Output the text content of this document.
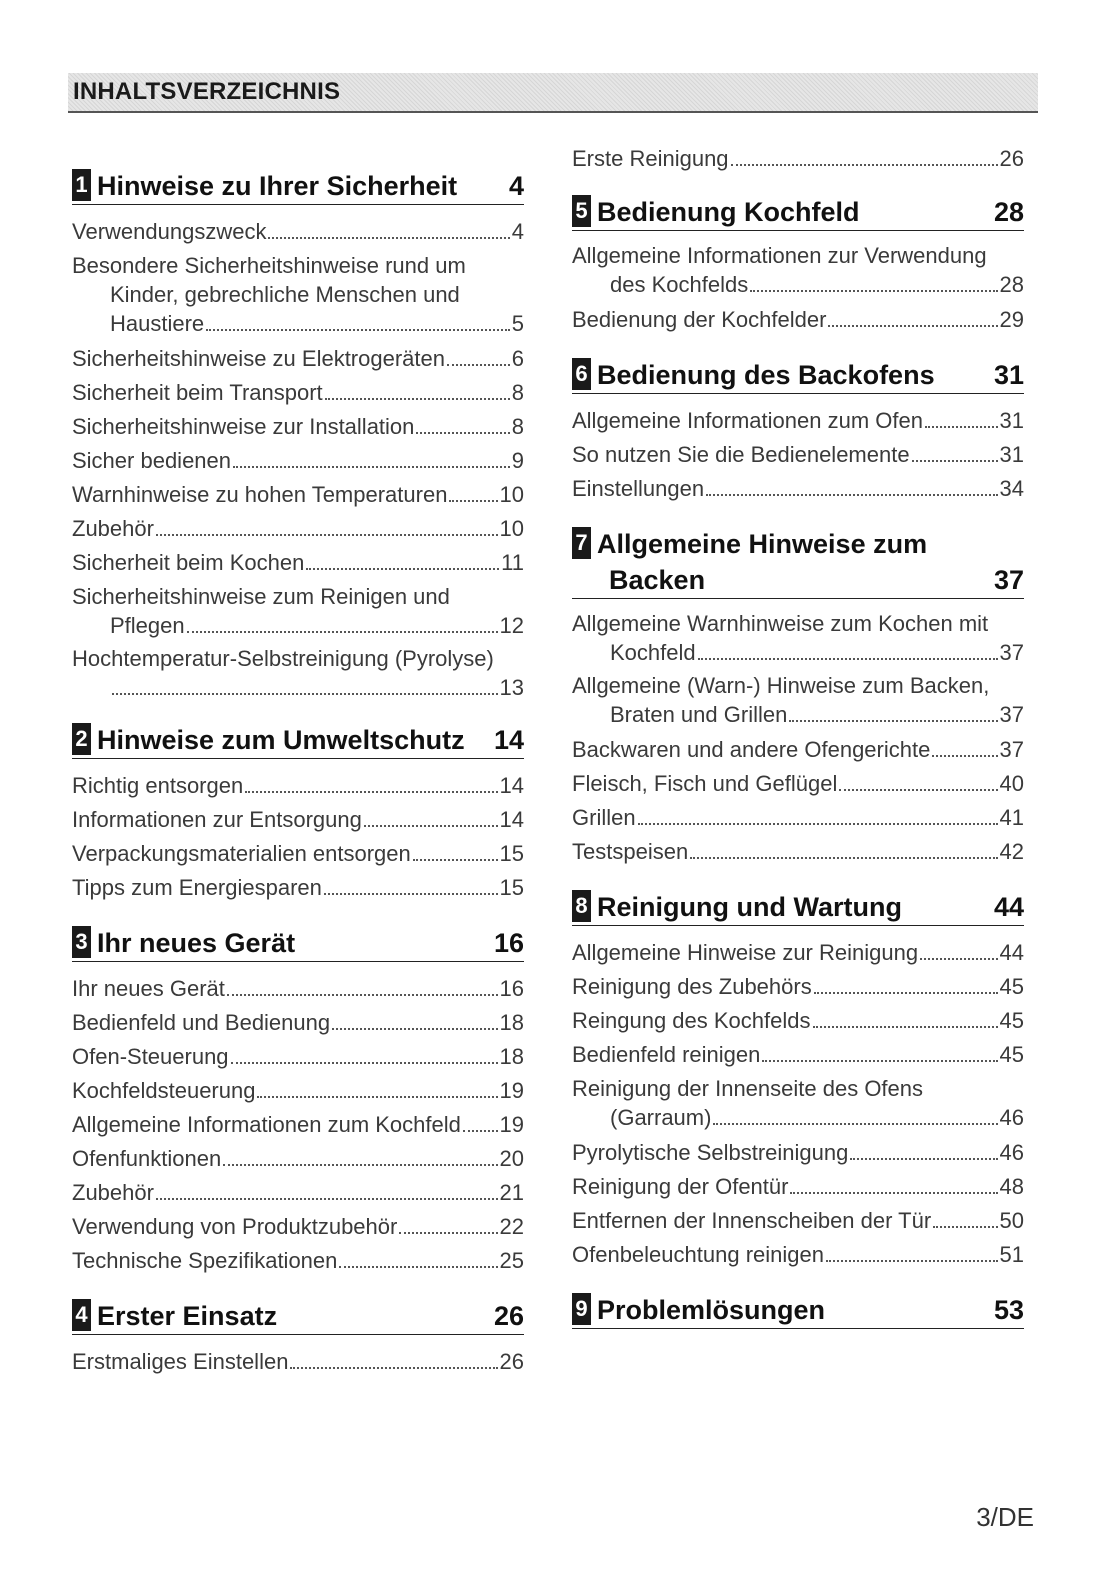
INHALTSVERZEICHNIS
1 Hinweise zu Ihrer Sicherheit	4
Verwendungszweck	4
Besondere Sicherheitshinweise rund um
Kinder, gebrechliche Menschen und
Haustiere	5
Sicherheitshinweise zu Elektrogeräten	6
Sicherheit beim Transport	8
Sicherheitshinweise zur Installation	8
Sicher bedienen	9
Warnhinweise zu hohen Temperaturen 10
Zubehör	10
Sicherheit beim Kochen	11
Sicherheitshinweise zum Reinigen und
Pflegen	12
Hochtemperatur-Selbstreinigung (Pyrolyse)
13
2 Hinweise zum Umweltschutz	14
Richtig entsorgen	14
Informationen zur Entsorgung	14
Verpackungsmaterialien entsorgen	15
Tipps zum Energiesparen	15
3 Ihr neues Gerät	16
Ihr neues Gerät	16
Bedienfeld und Bedienung	18
Ofen-Steuerung	18
Kochfeldsteuerung	19
Allgemeine Informationen zum Kochfeld 19
Ofenfunktionen	20
Zubehör	21
Verwendung von Produktzubehör	22
Technische Spezifikationen	25
4 Erster Einsatz	26
Erstmaliges Einstellen	26
Erste Reinigung	26
5 Bedienung Kochfeld	28
Allgemeine Informationen zur Verwendung
des Kochfelds	28
Bedienung der Kochfelder	29
6 Bedienung des Backofens	31
Allgemeine Informationen zum Ofen	31
So nutzen Sie die Bedienelemente	31
Einstellungen	34
7 Allgemeine Hinweise zum
Backen	37
Allgemeine Warnhinweise zum Kochen mit
Kochfeld	37
Allgemeine (Warn-) Hinweise zum Backen,
Braten und Grillen	37
Backwaren und andere Ofengerichte	37
Fleisch, Fisch und Geflügel	40
Grillen	41
Testspeisen	42
8 Reinigung und Wartung	44
Allgemeine Hinweise zur Reinigung	44
Reinigung des Zubehörs	45
Reingung des Kochfelds	45
Bedienfeld reinigen	45
Reinigung der Innenseite des Ofens
(Garraum)	46
Pyrolytische Selbstreinigung	46
Reinigung der Ofentür	48
Entfernen der Innenscheiben der Tür	50
Ofenbeleuchtung reinigen	51
9 Problemlösungen	53
3/DE
